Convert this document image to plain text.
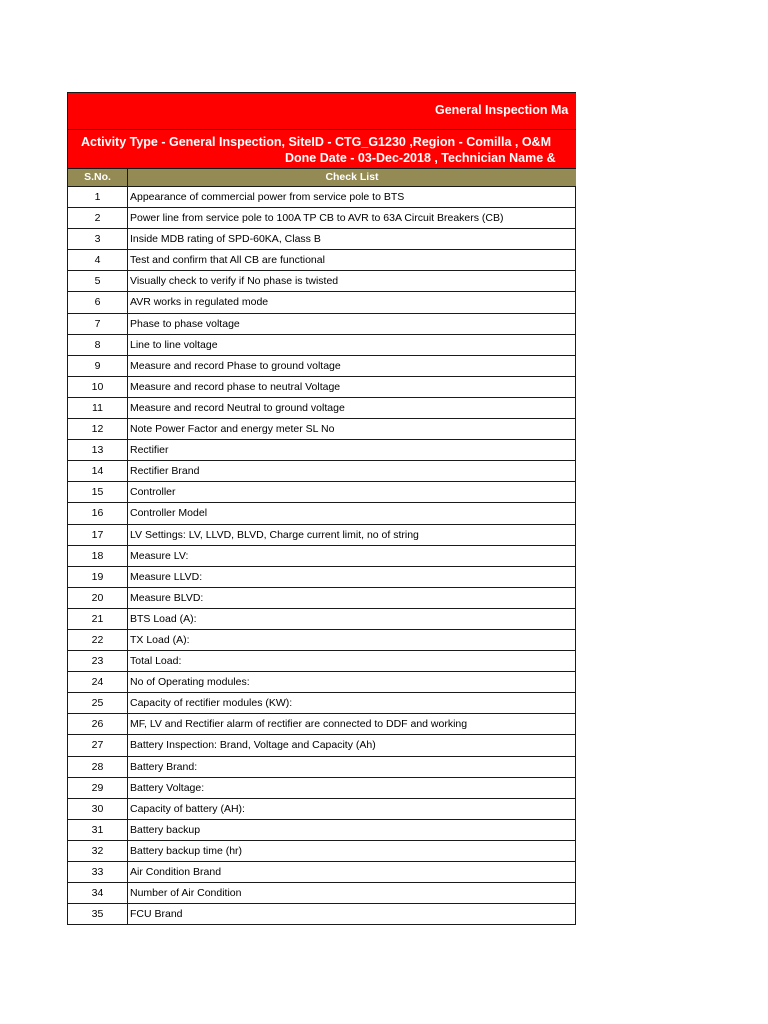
General Inspection Ma
Activity Type - General Inspection, SiteID - CTG_G1230 ,Region - Comilla , O&M
Done Date - 03-Dec-2018 , Technician Name &
S.No.	Check List
1	Appearance of commercial power from service pole to BTS
2	Power line from service pole to 100A TP CB to AVR to 63A Circuit Breakers (CB)
3	Inside MDB rating of SPD-60KA, Class B
4	Test and confirm that All CB are functional
5	Visually check to verify if No phase is twisted
6	AVR works in regulated mode
7	Phase to phase voltage
8	Line to line voltage
9	Measure and record Phase to ground voltage
10	Measure and record phase to neutral Voltage
11	Measure and record Neutral to ground voltage
12	Note Power Factor and energy meter SL No
13	Rectifier
14	Rectifier Brand
15	Controller
16	Controller Model
17	LV Settings: LV, LLVD, BLVD, Charge current limit, no of string
18	Measure LV:
19	Measure LLVD:
20	Measure BLVD:
21	BTS Load (A):
22	TX Load (A):
23	Total Load:
24	No of Operating modules:
25	Capacity of rectifier modules (KW):
26	MF, LV and Rectifier alarm of rectifier are connected to DDF and working
27	Battery Inspection: Brand, Voltage and Capacity (Ah)
28	Battery Brand:
29	Battery Voltage:
30	Capacity of battery (AH):
31	Battery backup
32	Battery backup time (hr)
33	Air Condition Brand
34	Number of Air Condition
35	FCU Brand
